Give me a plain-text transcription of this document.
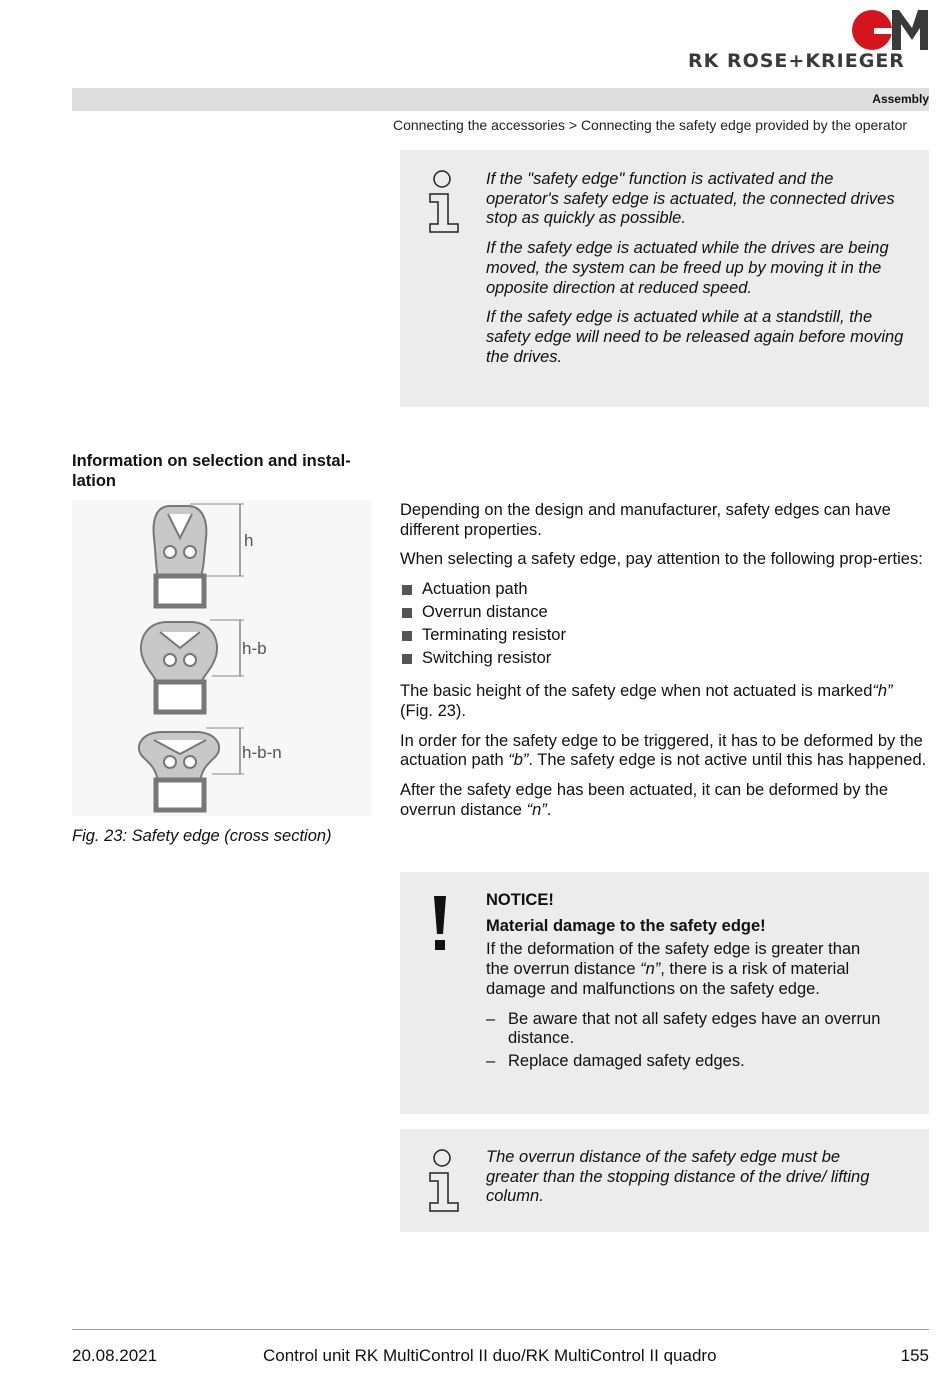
RK ROSE+KRIEGER
Assembly
Connecting the accessories > Connecting the safety edge provided by the operator

If the "safety edge" function is activated and the operator's safety edge is actuated, the connected drives stop as quickly as possible.

If the safety edge is actuated while the drives are being moved, the system can be freed up by moving it in the opposite direction at reduced speed.

If the safety edge is actuated while at a standstill, the safety edge will need to be released again before moving the drives.

Information on selection and instal-lation
h
h-b
h-b-n
Fig. 23: Safety edge (cross section)

Depending on the design and manufacturer, safety edges can have different properties.

When selecting a safety edge, pay attention to the following prop-erties:

Actuation path
Overrun distance
Terminating resistor
Switching resistor

The basic height of the safety edge when not actuated is marked“h” (Fig. 23).

In order for the safety edge to be triggered, it has to be deformed by the actuation path “b”. The safety edge is not active until this has happened.

After the safety edge has been actuated, it can be deformed by the overrun distance “n”.

NOTICE!

Material damage to the safety edge!

If the deformation of the safety edge is greater than the overrun distance “n”, there is a risk of material damage and malfunctions on the safety edge.

– Be aware that not all safety edges have an overrun distance.
– Replace damaged safety edges.
The overrun distance of the safety edge must be greater than the stopping distance of the drive/ lifting column.
20.08.2021	Control unit RK MultiControl II duo/RK MultiControl II quadro	155
